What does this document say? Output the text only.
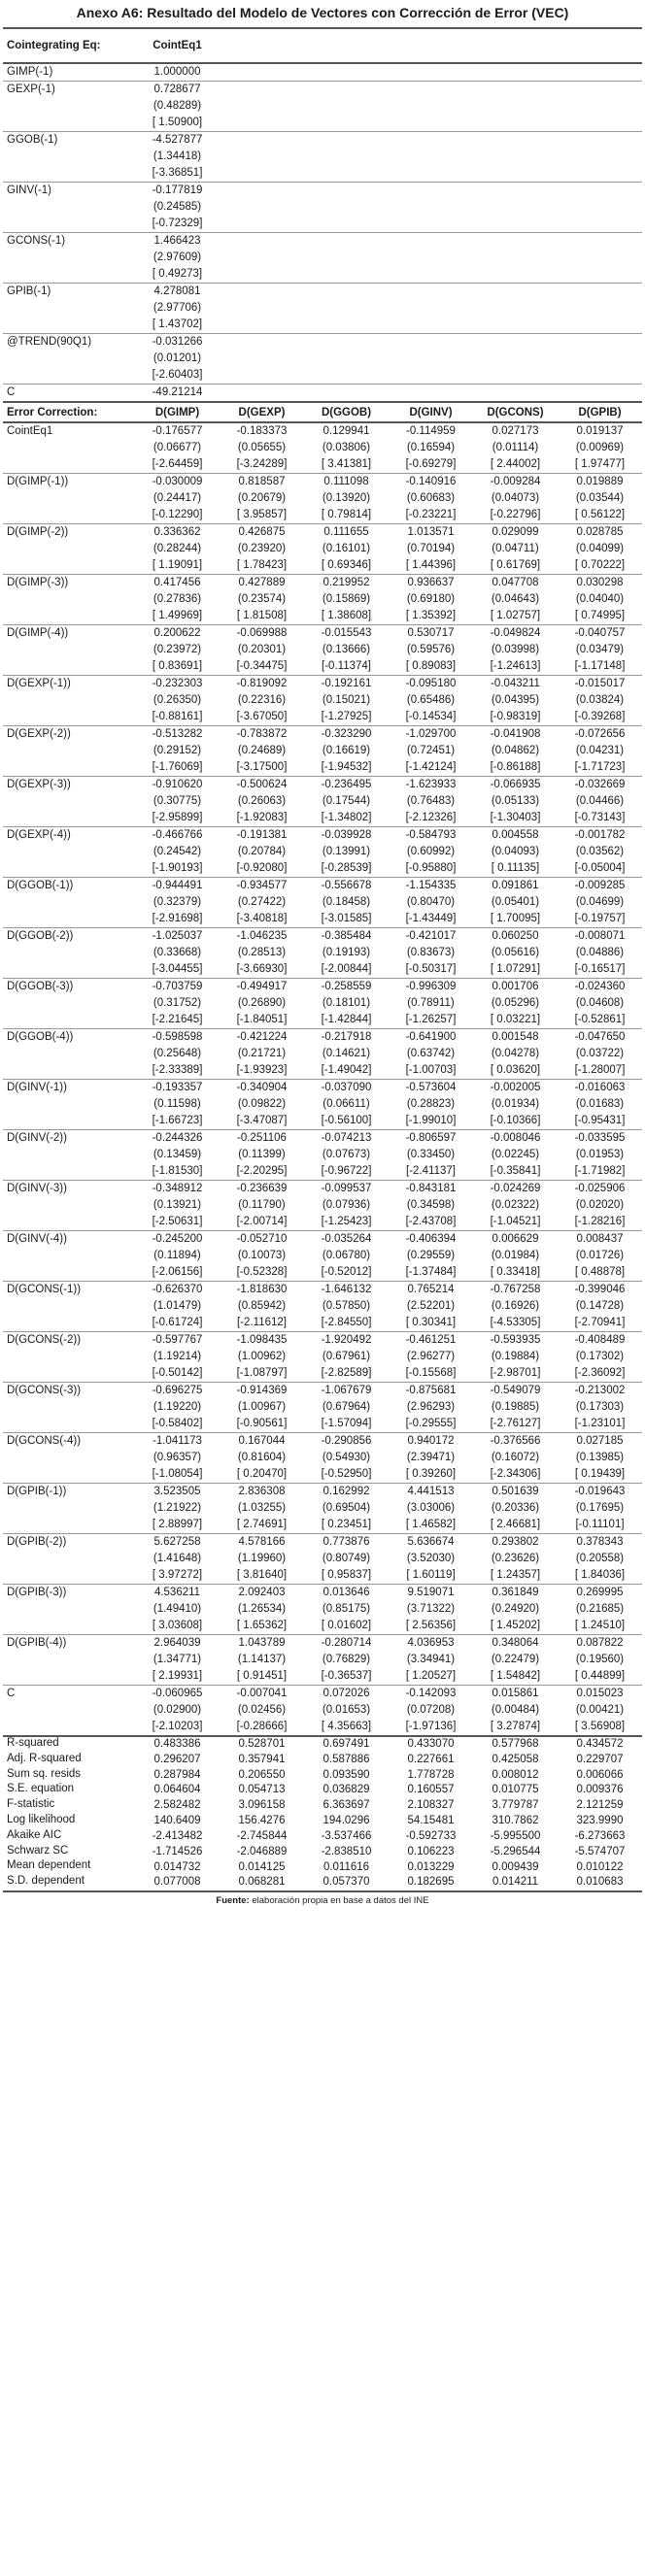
Anexo A6: Resultado del Modelo de Vectores con Corrección de Error (VEC)
Cointegrating Eq:	CointEq1					
GIMP(-1)	1.000000					
GEXP(-1)	0.728677					
	(0.48289)					
	[ 1.50900]					
GGOB(-1)	-4.527877					
	(1.34418)					
	[-3.36851]					
GINV(-1)	-0.177819					
	(0.24585)					
	[-0.72329]					
GCONS(-1)	1.466423					
	(2.97609)					
	[ 0.49273]					
GPIB(-1)	4.278081					
	(2.97706)					
	[ 1.43702]					
@TREND(90Q1)	-0.031266					
	(0.01201)					
	[-2.60403]					
C	-49.21214					
Error Correction:	D(GIMP)	D(GEXP)	D(GGOB)	D(GINV)	D(GCONS)	D(GPIB)
CointEq1	-0.176577	-0.183373	0.129941	-0.114959	0.027173	0.019137
	(0.06677)	(0.05655)	(0.03806)	(0.16594)	(0.01114)	(0.00969)
	[-2.64459]	[-3.24289]	[ 3.41381]	[-0.69279]	[ 2.44002]	[ 1.97477]
D(GIMP(-1))	-0.030009	0.818587	0.111098	-0.140916	-0.009284	0.019889
	(0.24417)	(0.20679)	(0.13920)	(0.60683)	(0.04073)	(0.03544)
	[-0.12290]	[ 3.95857]	[ 0.79814]	[-0.23221]	[-0.22796]	[ 0.56122]
D(GIMP(-2))	0.336362	0.426875	0.111655	1.013571	0.029099	0.028785
	(0.28244)	(0.23920)	(0.16101)	(0.70194)	(0.04711)	(0.04099)
	[ 1.19091]	[ 1.78423]	[ 0.69346]	[ 1.44396]	[ 0.61769]	[ 0.70222]
D(GIMP(-3))	0.417456	0.427889	0.219952	0.936637	0.047708	0.030298
	(0.27836)	(0.23574)	(0.15869)	(0.69180)	(0.04643)	(0.04040)
	[ 1.49969]	[ 1.81508]	[ 1.38608]	[ 1.35392]	[ 1.02757]	[ 0.74995]
D(GIMP(-4))	0.200622	-0.069988	-0.015543	0.530717	-0.049824	-0.040757
	(0.23972)	(0.20301)	(0.13666)	(0.59576)	(0.03998)	(0.03479)
	[ 0.83691]	[-0.34475]	[-0.11374]	[ 0.89083]	[-1.24613]	[-1.17148]
D(GEXP(-1))	-0.232303	-0.819092	-0.192161	-0.095180	-0.043211	-0.015017
	(0.26350)	(0.22316)	(0.15021)	(0.65486)	(0.04395)	(0.03824)
	[-0.88161]	[-3.67050]	[-1.27925]	[-0.14534]	[-0.98319]	[-0.39268]
D(GEXP(-2))	-0.513282	-0.783872	-0.323290	-1.029700	-0.041908	-0.072656
	(0.29152)	(0.24689)	(0.16619)	(0.72451)	(0.04862)	(0.04231)
	[-1.76069]	[-3.17500]	[-1.94532]	[-1.42124]	[-0.86188]	[-1.71723]
D(GEXP(-3))	-0.910620	-0.500624	-0.236495	-1.623933	-0.066935	-0.032669
	(0.30775)	(0.26063)	(0.17544)	(0.76483)	(0.05133)	(0.04466)
	[-2.95899]	[-1.92083]	[-1.34802]	[-2.12326]	[-1.30403]	[-0.73143]
D(GEXP(-4))	-0.466766	-0.191381	-0.039928	-0.584793	0.004558	-0.001782
	(0.24542)	(0.20784)	(0.13991)	(0.60992)	(0.04093)	(0.03562)
	[-1.90193]	[-0.92080]	[-0.28539]	[-0.95880]	[ 0.11135]	[-0.05004]
D(GGOB(-1))	-0.944491	-0.934577	-0.556678	-1.154335	0.091861	-0.009285
	(0.32379)	(0.27422)	(0.18458)	(0.80470)	(0.05401)	(0.04699)
	[-2.91698]	[-3.40818]	[-3.01585]	[-1.43449]	[ 1.70095]	[-0.19757]
D(GGOB(-2))	-1.025037	-1.046235	-0.385484	-0.421017	0.060250	-0.008071
	(0.33668)	(0.28513)	(0.19193)	(0.83673)	(0.05616)	(0.04886)
	[-3.04455]	[-3.66930]	[-2.00844]	[-0.50317]	[ 1.07291]	[-0.16517]
D(GGOB(-3))	-0.703759	-0.494917	-0.258559	-0.996309	0.001706	-0.024360
	(0.31752)	(0.26890)	(0.18101)	(0.78911)	(0.05296)	(0.04608)
	[-2.21645]	[-1.84051]	[-1.42844]	[-1.26257]	[ 0.03221]	[-0.52861]
D(GGOB(-4))	-0.598598	-0.421224	-0.217918	-0.641900	0.001548	-0.047650
	(0.25648)	(0.21721)	(0.14621)	(0.63742)	(0.04278)	(0.03722)
	[-2.33389]	[-1.93923]	[-1.49042]	[-1.00703]	[ 0.03620]	[-1.28007]
D(GINV(-1))	-0.193357	-0.340904	-0.037090	-0.573604	-0.002005	-0.016063
	(0.11598)	(0.09822)	(0.06611)	(0.28823)	(0.01934)	(0.01683)
	[-1.66723]	[-3.47087]	[-0.56100]	[-1.99010]	[-0.10366]	[-0.95431]
D(GINV(-2))	-0.244326	-0.251106	-0.074213	-0.806597	-0.008046	-0.033595
	(0.13459)	(0.11399)	(0.07673)	(0.33450)	(0.02245)	(0.01953)
	[-1.81530]	[-2.20295]	[-0.96722]	[-2.41137]	[-0.35841]	[-1.71982]
D(GINV(-3))	-0.348912	-0.236639	-0.099537	-0.843181	-0.024269	-0.025906
	(0.13921)	(0.11790)	(0.07936)	(0.34598)	(0.02322)	(0.02020)
	[-2.50631]	[-2.00714]	[-1.25423]	[-2.43708]	[-1.04521]	[-1.28216]
D(GINV(-4))	-0.245200	-0.052710	-0.035264	-0.406394	0.006629	0.008437
	(0.11894)	(0.10073)	(0.06780)	(0.29559)	(0.01984)	(0.01726)
	[-2.06156]	[-0.52328]	[-0.52012]	[-1.37484]	[ 0.33418]	[ 0.48878]
D(GCONS(-1))	-0.626370	-1.818630	-1.646132	0.765214	-0.767258	-0.399046
	(1.01479)	(0.85942)	(0.57850)	(2.52201)	(0.16926)	(0.14728)
	[-0.61724]	[-2.11612]	[-2.84550]	[ 0.30341]	[-4.53305]	[-2.70941]
D(GCONS(-2))	-0.597767	-1.098435	-1.920492	-0.461251	-0.593935	-0.408489
	(1.19214)	(1.00962)	(0.67961)	(2.96277)	(0.19884)	(0.17302)
	[-0.50142]	[-1.08797]	[-2.82589]	[-0.15568]	[-2.98701]	[-2.36092]
D(GCONS(-3))	-0.696275	-0.914369	-1.067679	-0.875681	-0.549079	-0.213002
	(1.19220)	(1.00967)	(0.67964)	(2.96293)	(0.19885)	(0.17303)
	[-0.58402]	[-0.90561]	[-1.57094]	[-0.29555]	[-2.76127]	[-1.23101]
D(GCONS(-4))	-1.041173	0.167044	-0.290856	0.940172	-0.376566	0.027185
	(0.96357)	(0.81604)	(0.54930)	(2.39471)	(0.16072)	(0.13985)
	[-1.08054]	[ 0.20470]	[-0.52950]	[ 0.39260]	[-2.34306]	[ 0.19439]
D(GPIB(-1))	3.523505	2.836308	0.162992	4.441513	0.501639	-0.019643
	(1.21922)	(1.03255)	(0.69504)	(3.03006)	(0.20336)	(0.17695)
	[ 2.88997]	[ 2.74691]	[ 0.23451]	[ 1.46582]	[ 2.46681]	[-0.11101]
D(GPIB(-2))	5.627258	4.578166	0.773876	5.636674	0.293802	0.378343
	(1.41648)	(1.19960)	(0.80749)	(3.52030)	(0.23626)	(0.20558)
	[ 3.97272]	[ 3.81640]	[ 0.95837]	[ 1.60119]	[ 1.24357]	[ 1.84036]
D(GPIB(-3))	4.536211	2.092403	0.013646	9.519071	0.361849	0.269995
	(1.49410)	(1.26534)	(0.85175)	(3.71322)	(0.24920)	(0.21685)
	[ 3.03608]	[ 1.65362]	[ 0.01602]	[ 2.56356]	[ 1.45202]	[ 1.24510]
D(GPIB(-4))	2.964039	1.043789	-0.280714	4.036953	0.348064	0.087822
	(1.34771)	(1.14137)	(0.76829)	(3.34941)	(0.22479)	(0.19560)
	[ 2.19931]	[ 0.91451]	[-0.36537]	[ 1.20527]	[ 1.54842]	[ 0.44899]
C	-0.060965	-0.007041	0.072026	-0.142093	0.015861	0.015023
	(0.02900)	(0.02456)	(0.01653)	(0.07208)	(0.00484)	(0.00421)
	[-2.10203]	[-0.28666]	[ 4.35663]	[-1.97136]	[ 3.27874]	[ 3.56908]
R-squared	0.483386	0.528701	0.697491	0.433070	0.577968	0.434572
Adj. R-squared	0.296207	0.357941	0.587886	0.227661	0.425058	0.229707
Sum sq. resids	0.287984	0.206550	0.093590	1.778728	0.008012	0.006066
S.E. equation	0.064604	0.054713	0.036829	0.160557	0.010775	0.009376
F-statistic	2.582482	3.096158	6.363697	2.108327	3.779787	2.121259
Log likelihood	140.6409	156.4276	194.0296	54.15481	310.7862	323.9990
Akaike AIC	-2.413482	-2.745844	-3.537466	-0.592733	-5.995500	-6.273663
Schwarz SC	-1.714526	-2.046889	-2.838510	0.106223	-5.296544	-5.574707
Mean dependent	0.014732	0.014125	0.011616	0.013229	0.009439	0.010122
S.D. dependent	0.077008	0.068281	0.057370	0.182695	0.014211	0.010683
Fuente: elaboración propia en base a datos del INE
